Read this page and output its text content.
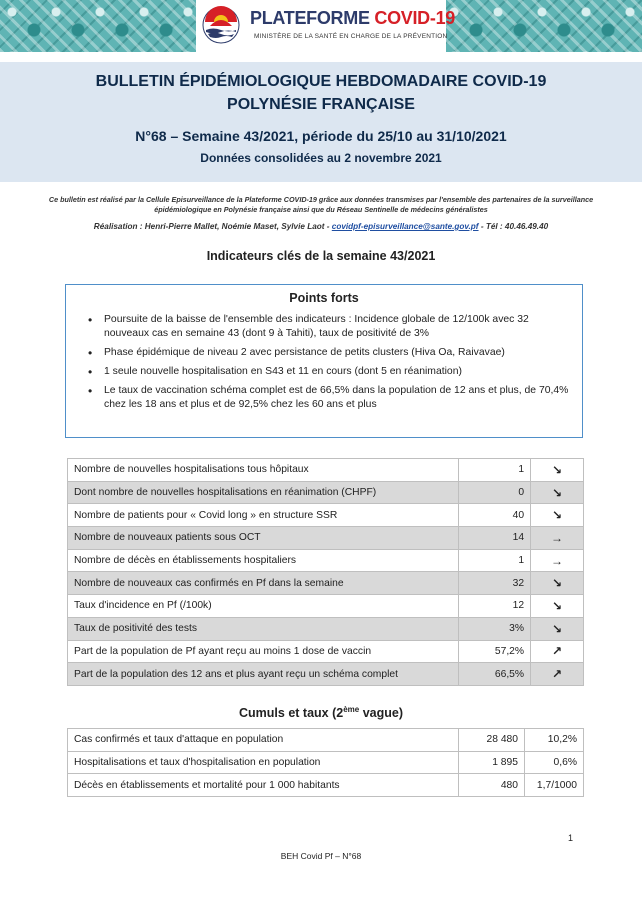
PLATEFORME COVID-19
MINISTÈRE DE LA SANTÉ EN CHARGE DE LA PRÉVENTION
BULLETIN ÉPIDÉMIOLOGIQUE HEBDOMADAIRE COVID-19
POLYNÉSIE FRANÇAISE
N°68 – Semaine 43/2021, période du 25/10 au 31/10/2021
Données consolidées au 2 novembre 2021
Ce bulletin est réalisé par la Cellule Episurveillance de la Plateforme COVID-19 grâce aux données transmises par l'ensemble des partenaires de la surveillance épidémiologique en Polynésie française ainsi que du Réseau Sentinelle de médecins généralistes
Réalisation : Henri-Pierre Mallet, Noémie Maset, Sylvie Laot - covidpf-episurveillance@sante.gov.pf - Tél : 40.46.49.40
Indicateurs clés de la semaine 43/2021
Points forts
• Poursuite de la baisse de l'ensemble des indicateurs : Incidence globale de 12/100k avec 32 nouveaux cas en semaine 43 (dont 9 à Tahiti), taux de positivité de 3%
• Phase épidémique de niveau 2 avec persistance de petits clusters (Hiva Oa, Raivavae)
• 1 seule nouvelle hospitalisation en S43 et 11 en cours (dont 5 en réanimation)
• Le taux de vaccination schéma complet est de 66,5% dans la population de 12 ans et plus, de 70,4% chez les 18 ans et plus et de 92,5% chez les 60 ans et plus
Nombre de nouvelles hospitalisations tous hôpitaux	1	↘
Dont nombre de nouvelles hospitalisations en réanimation (CHPF)	0	↘
Nombre de patients pour « Covid long » en structure SSR	40	↘
Nombre de nouveaux patients sous OCT	14	→
Nombre de décès en établissements hospitaliers	1	→
Nombre de nouveaux cas confirmés en Pf dans la semaine	32	↘
Taux d'incidence en Pf (/100k)	12	↘
Taux de positivité des tests	3%	↘
Part de la population de Pf ayant reçu au moins 1 dose de vaccin	57,2%	↗
Part de la population des 12 ans et plus ayant reçu un schéma complet	66,5%	↗
Cumuls et taux (2ème vague)
Cas confirmés et taux d'attaque en population	28 480	10,2%
Hospitalisations et taux d'hospitalisation en population	1 895	0,6%
Décès en établissements et mortalité pour 1 000 habitants	480	1,7/1000
1
BEH Covid Pf – N°68
